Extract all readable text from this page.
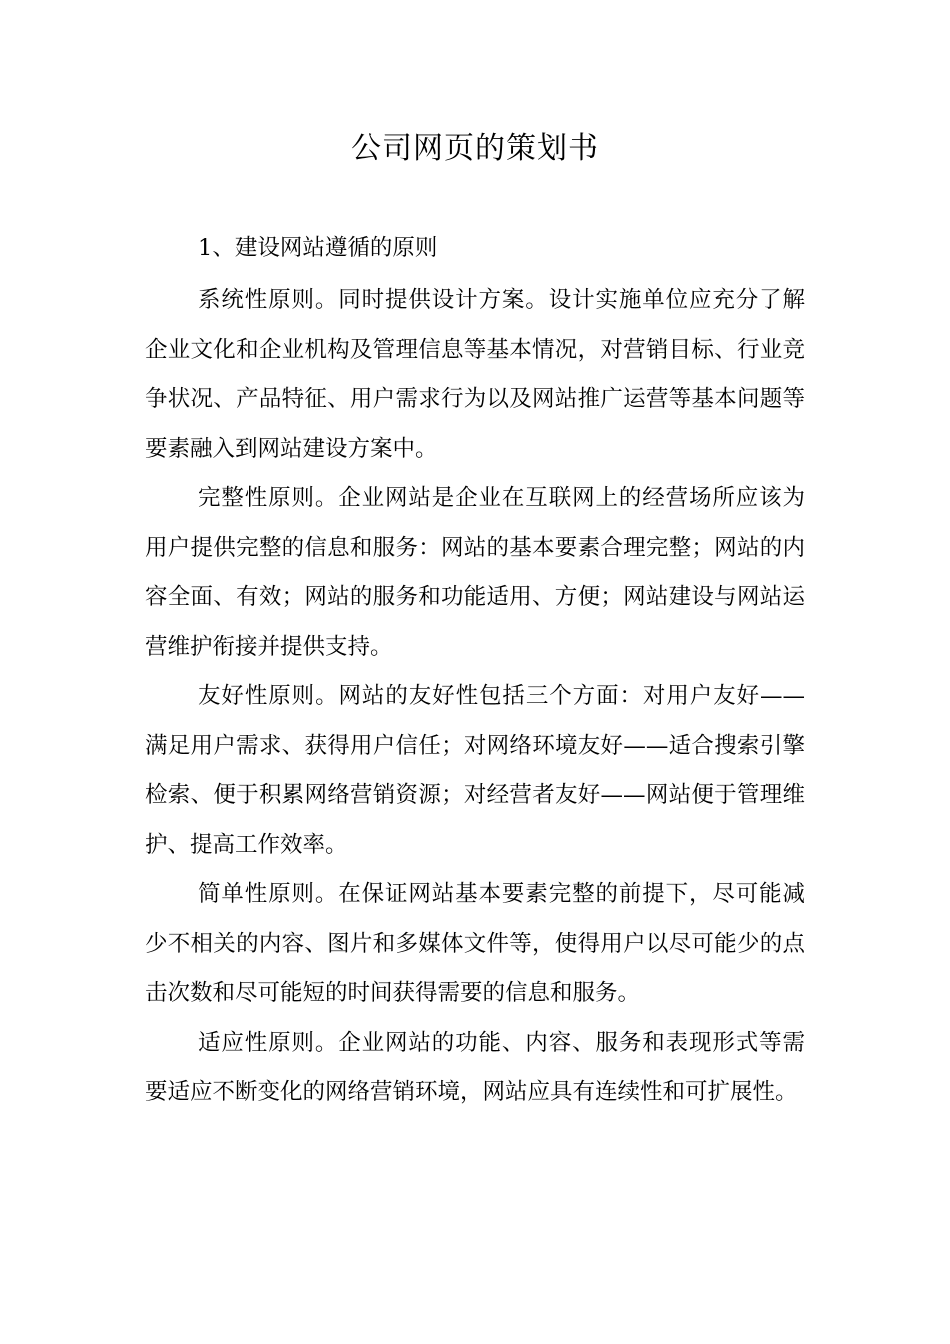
公司网页的策划书

1、建设网站遵循的原则

系统性原则。同时提供设计方案。设计实施单位应充分了解企业文化和企业机构及管理信息等基本情况，对营销目标、行业竞争状况、产品特征、用户需求行为以及网站推广运营等基本问题等要素融入到网站建设方案中。

完整性原则。企业网站是企业在互联网上的经营场所应该为用户提供完整的信息和服务：网站的基本要素合理完整；网站的内容全面、有效；网站的服务和功能适用、方便；网站建设与网站运营维护衔接并提供支持。

友好性原则。网站的友好性包括三个方面：对用户友好——满足用户需求、获得用户信任；对网络环境友好——适合搜索引擎检索、便于积累网络营销资源；对经营者友好——网站便于管理维护、提高工作效率。

简单性原则。在保证网站基本要素完整的前提下，尽可能减少不相关的内容、图片和多媒体文件等，使得用户以尽可能少的点击次数和尽可能短的时间获得需要的信息和服务。

适应性原则。企业网站的功能、内容、服务和表现形式等需要适应不断变化的网络营销环境，网站应具有连续性和可扩展性。
